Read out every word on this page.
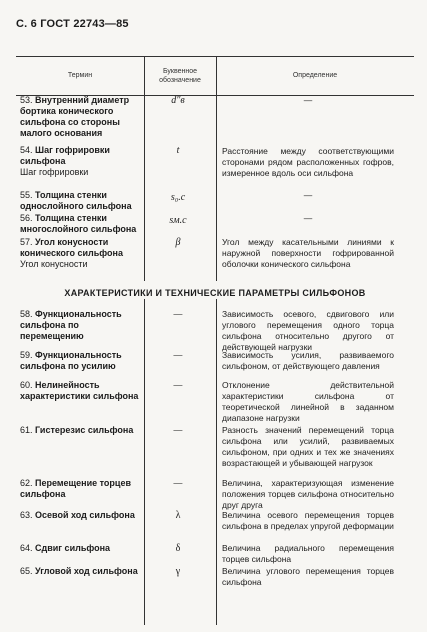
С. 6 ГОСТ 22743—85
Термин
Буквенное обозначение
Определение
53. Внутренний диаметр бортика конического сильфона со стороны малого основания
d″в	—
54. Шаг гофрировки сильфона
Шаг гофрировки
t	Расстояние между соответствующими сторонами рядом расположенных гофров, измеренное вдоль оси сильфона
55. Толщина стенки однослойного сильфона
s₀.с	—
56. Толщина стенки многослойного сильфона
sм.с	—
57. Угол конусности конического сильфона
Угол конусности
β	Угол между касательными линиями к наружной поверхности гофрированной оболочки конического сильфона
ХАРАКТЕРИСТИКИ И ТЕХНИЧЕСКИЕ ПАРАМЕТРЫ СИЛЬФОНОВ
58. Функциональность сильфона по перемещению
—	Зависимость осевого, сдвигового или углового перемещения одного торца сильфона относительно другого от действующей нагрузки
59. Функциональность сильфона по усилию
—	Зависимость усилия, развиваемого сильфоном, от действующего давления
60. Нелинейность характеристики сильфона
—	Отклонение действительной характеристики сильфона от теоретической линейной в заданном диапазоне нагрузки
61. Гистерезис сильфона	—	Разность значений перемещений торца сильфона или усилий, развиваемых сильфоном, при одних и тех же значениях возрастающей и убывающей нагрузок
62. Перемещение торцев сильфона
—	Величина, характеризующая изменение положения торцев сильфона относительно друг друга
63. Осевой ход сильфона	λ	Величина осевого перемещения торцев сильфона в пределах упругой деформации
64. Сдвиг сильфона	δ	Величина радиального перемещения торцев сильфона
65. Угловой ход сильфона	γ	Величина углового перемещения торцев сильфона
